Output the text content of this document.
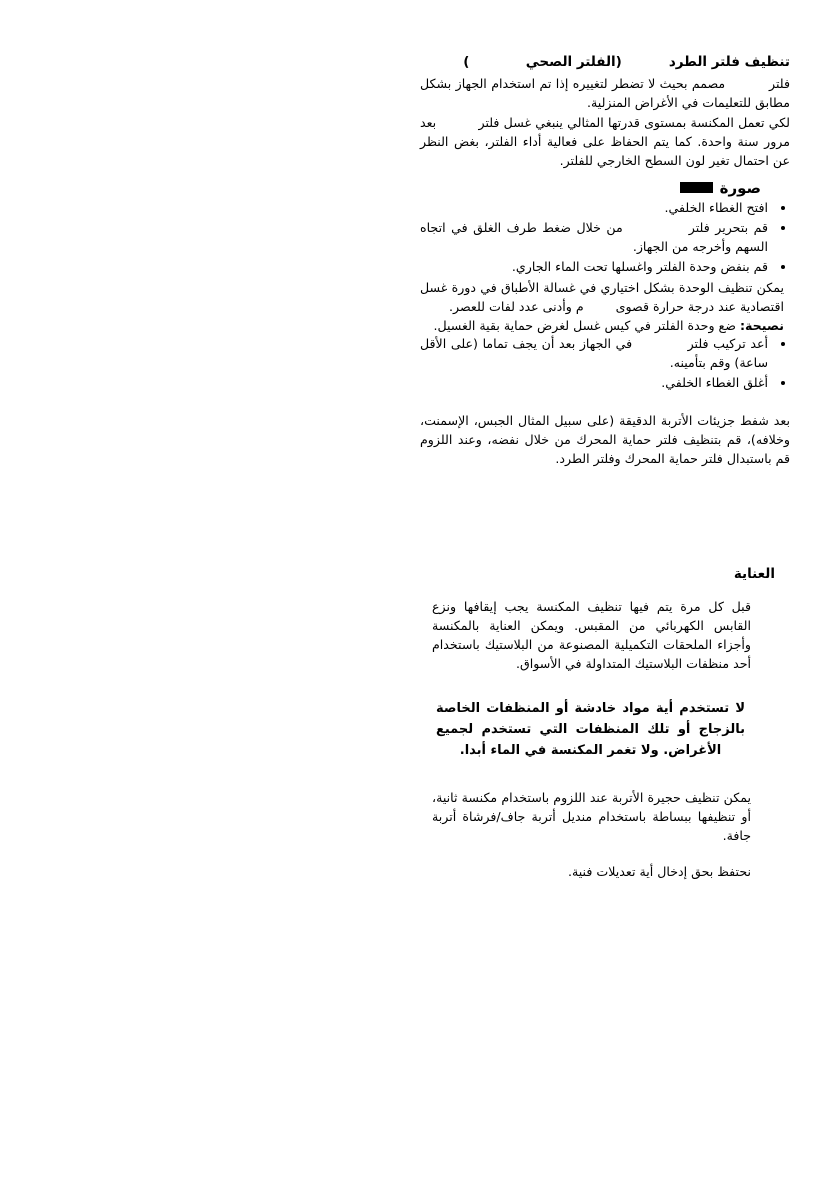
تنظيف فلتر الطرد          (الفلتر الصحي            )

فلتر          مصمم بحيث لا تضطر لتغييره إذا تم استخدام الجهاز بشكل مطابق للتعليمات في الأغراض المنزلية.

لكي تعمل المكنسة بمستوى قدرتها المثالي ينبغي غسل فلتر          بعد مرور سنة واحدة. كما يتم الحفاظ على فعالية أداء الفلتر، بغض النظر عن احتمال تغير لون السطح الخارجي للفلتر.

صورة
افتح الغطاء الخلفي.
قم بتحرير فلتر            من خلال ضغط طرف الغلق في اتجاه السهم وأخرجه من الجهاز.
قم بنفض وحدة الفلتر واغسلها تحت الماء الجاري.

يمكن تنظيف الوحدة بشكل اختياري في غسالة الأطباق في دورة غسل اقتصادية عند درجة حرارة قصوى        م وأدنى عدد لفات للعصر.

نصيحة: ضع وحدة الفلتر في كيس غسل لغرض حماية بقية الغسيل.

أعد تركيب فلتر            في الجهاز بعد أن يجف تماما (على الأقل          ساعة) وقم بتأمينه.
أغلق الغطاء الخلفي.

بعد شفط جزيئات الأتربة الدقيقة (على سبيل المثال الجبس، الإسمنت، وخلافه)، قم بتنظيف فلتر حماية المحرك من خلال نفضه، وعند اللزوم قم باستبدال فلتر حماية المحرك وفلتر الطرد.

العناية

قبل كل مرة يتم فيها تنظيف المكنسة يجب إيقافها ونزع القابس الكهربائي من المقبس. ويمكن العناية بالمكنسة وأجزاء الملحقات التكميلية المصنوعة من البلاستيك باستخدام أحد منظفات البلاستيك المتداولة في الأسواق.

لا تستخدم أية مواد خادشة أو المنظفات الخاصة بالزجاج أو تلك المنظفات التي تستخدم لجميع الأغراض. ولا تغمر المكنسة في الماء أبدا.

يمكن تنظيف حجيرة الأتربة عند اللزوم باستخدام مكنسة ثانية، أو تنظيفها ببساطة باستخدام منديل أتربة جاف/فرشاة أتربة جافة.

نحتفظ بحق إدخال أية تعديلات فنية.
